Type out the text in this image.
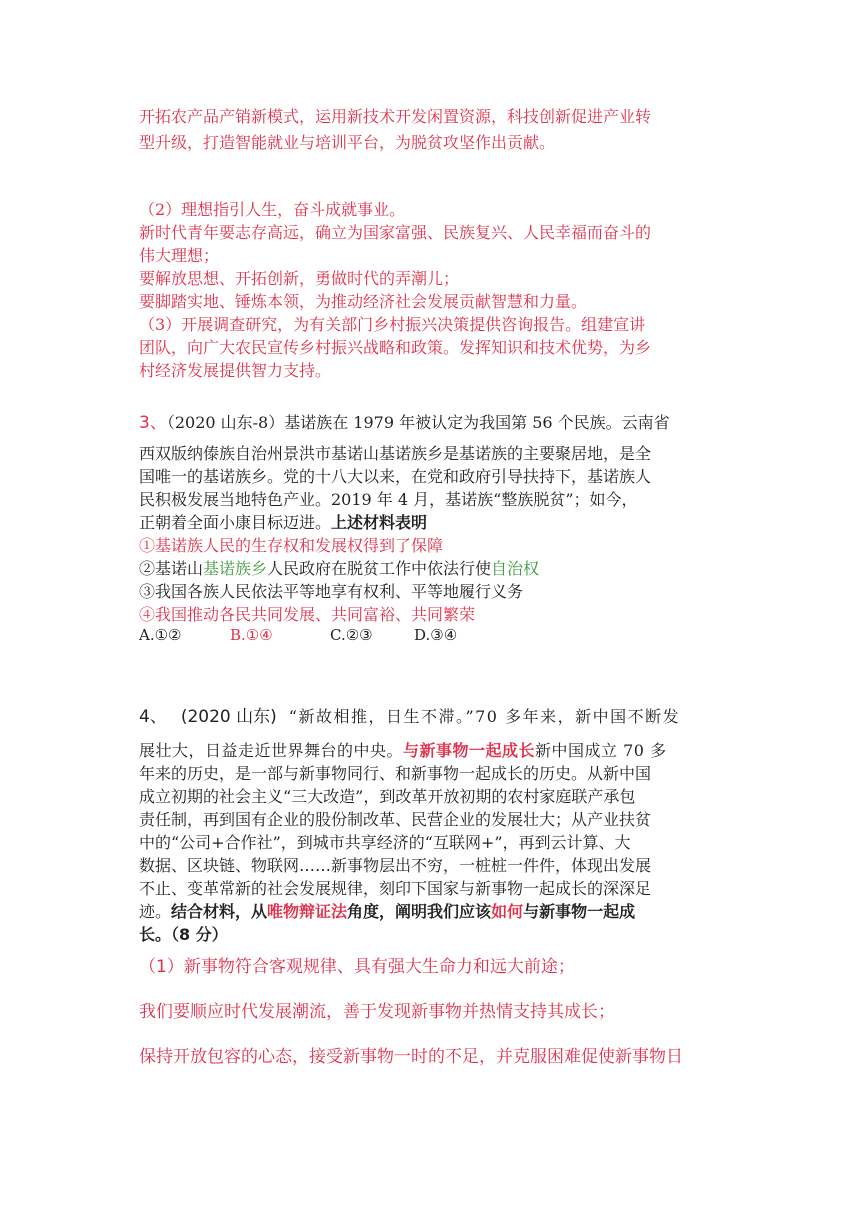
开拓农产品产销新模式，运用新技术开发闲置资源，科技创新促进产业转
型升级，打造智能就业与培训平台，为脱贫攻坚作出贡献。
（2）理想指引人生，奋斗成就事业。
新时代青年要志存高远，确立为国家富强、民族复兴、人民幸福而奋斗的
伟大理想；
要解放思想、开拓创新，勇做时代的弄潮儿；
要脚踏实地、锤炼本领，为推动经济社会发展贡献智慧和力量。
（3）开展调查研究，为有关部门乡村振兴决策提供咨询报告。组建宣讲
团队，向广大农民宣传乡村振兴战略和政策。发挥知识和技术优势，为乡
村经济发展提供智力支持。
3、（2020 山东-8）基诺族在 1979 年被认定为我国第 56 个民族。云南省
西双版纳傣族自治州景洪市基诺山基诺族乡是基诺族的主要聚居地，是全
国唯一的基诺族乡。党的十八大以来，在党和政府引导扶持下，基诺族人
民积极发展当地特色产业。2019 年 4 月，基诺族“整族脱贫”；如今，
正朝着全面小康目标迈进。上述材料表明
①基诺族人民的生存权和发展权得到了保障
②基诺山基诺族乡人民政府在脱贫工作中依法行使自治权
③我国各族人民依法平等地享有权利、平等地履行义务
④我国推动各民共同发展、共同富裕、共同繁荣
A.①②	B.①④	C.②③	D.③④
4、 (2020 山东) “新故相推，日生不滞。”70 多年来，新中国不断发
展壮大，日益走近世界舞台的中央。与新事物一起成长新中国成立 70 多
年来的历史，是一部与新事物同行、和新事物一起成长的历史。从新中国
成立初期的社会主义“三大改造”，到改革开放初期的农村家庭联产承包
责任制，再到国有企业的股份制改革、民营企业的发展壮大；从产业扶贫
中的“公司+合作社”，到城市共享经济的“互联网+”，再到云计算、大
数据、区块链、物联网……新事物层出不穷，一桩桩一件件，体现出发展
不止、变革常新的社会发展规律，刻印下国家与新事物一起成长的深深足
迹。结合材料，从唯物辩证法角度，阐明我们应该如何与新事物一起成
长。（8 分）
（1）新事物符合客观规律、具有强大生命力和远大前途；
我们要顺应时代发展潮流，善于发现新事物并热情支持其成长；
保持开放包容的心态，接受新事物一时的不足，并克服困难促使新事物日
